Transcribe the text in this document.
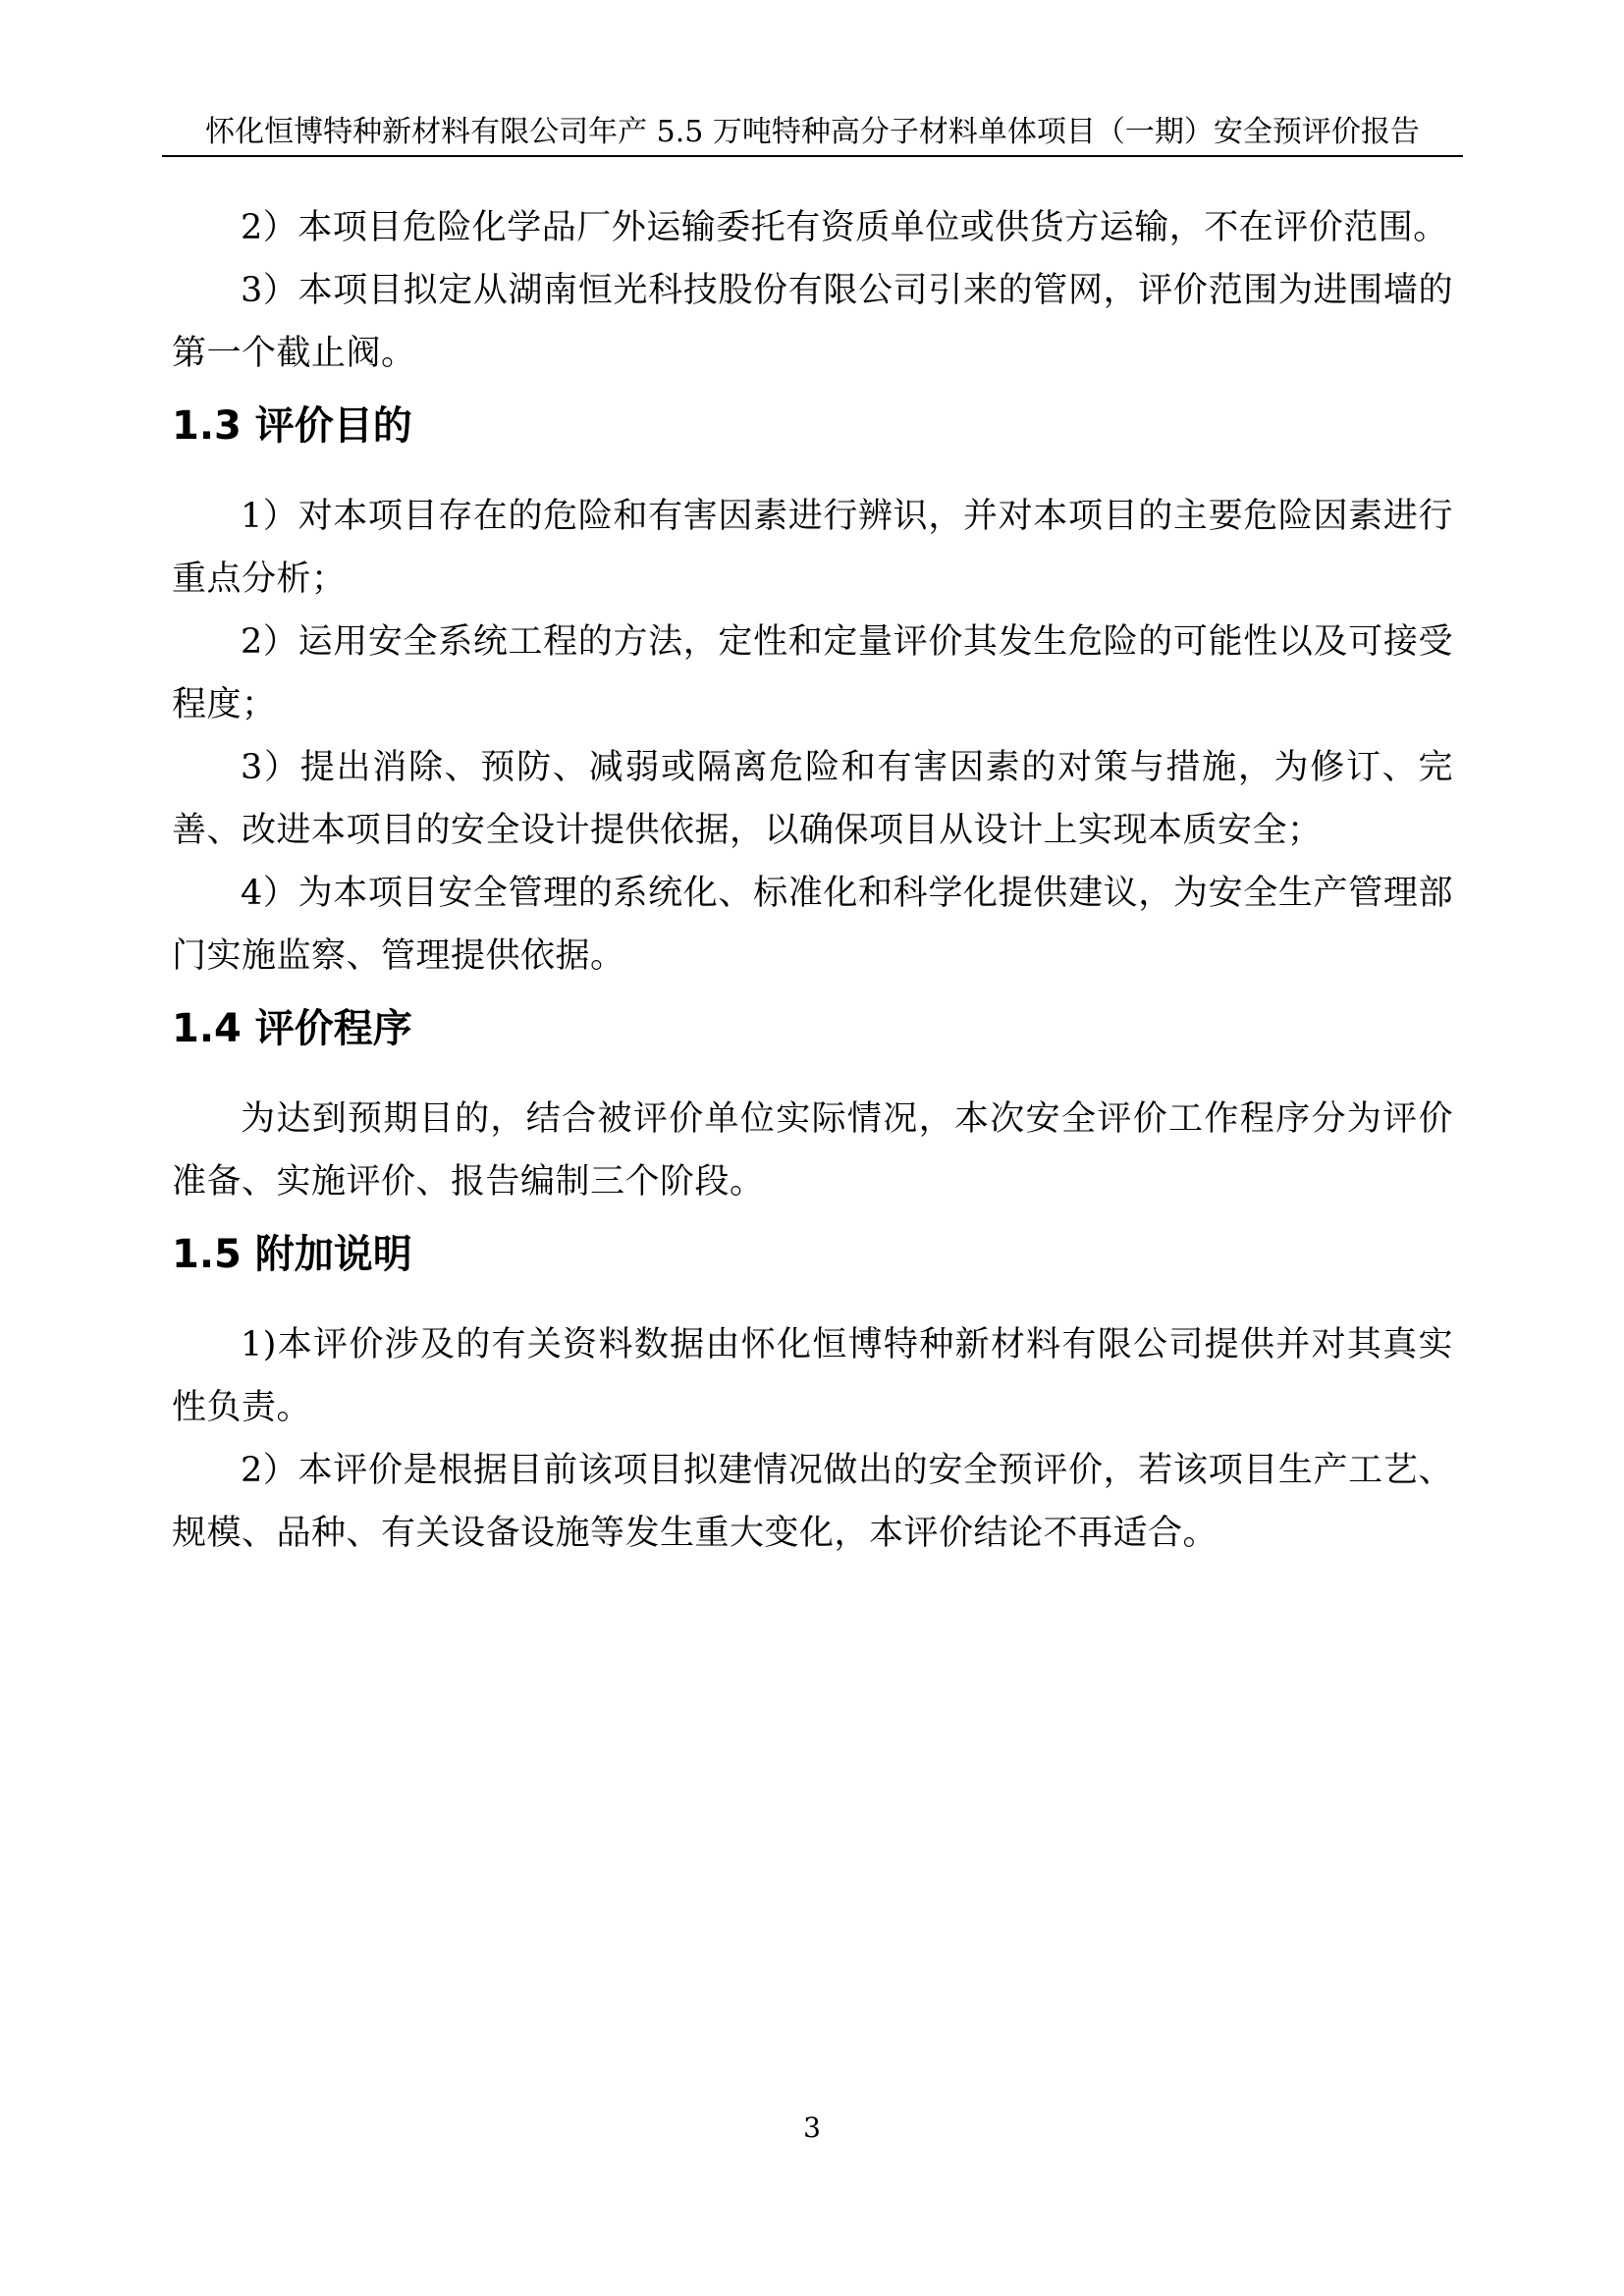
怀化恒博特种新材料有限公司年产 5.5 万吨特种高分子材料单体项目（一期）安全预评价报告

2）本项目危险化学品厂外运输委托有资质单位或供货方运输，不在评价范围。

3）本项目拟定从湖南恒光科技股份有限公司引来的管网，评价范围为进围墙的第一个截止阀。

1.3 评价目的

1）对本项目存在的危险和有害因素进行辨识，并对本项目的主要危险因素进行重点分析；

2）运用安全系统工程的方法，定性和定量评价其发生危险的可能性以及可接受程度；

3）提出消除、预防、减弱或隔离危险和有害因素的对策与措施，为修订、完善、改进本项目的安全设计提供依据，以确保项目从设计上实现本质安全；

4）为本项目安全管理的系统化、标准化和科学化提供建议，为安全生产管理部门实施监察、管理提供依据。

1.4 评价程序

为达到预期目的，结合被评价单位实际情况，本次安全评价工作程序分为评价准备、实施评价、报告编制三个阶段。

1.5 附加说明

1)本评价涉及的有关资料数据由怀化恒博特种新材料有限公司提供并对其真实性负责。

2）本评价是根据目前该项目拟建情况做出的安全预评价，若该项目生产工艺、规模、品种、有关设备设施等发生重大变化，本评价结论不再适合。

3
